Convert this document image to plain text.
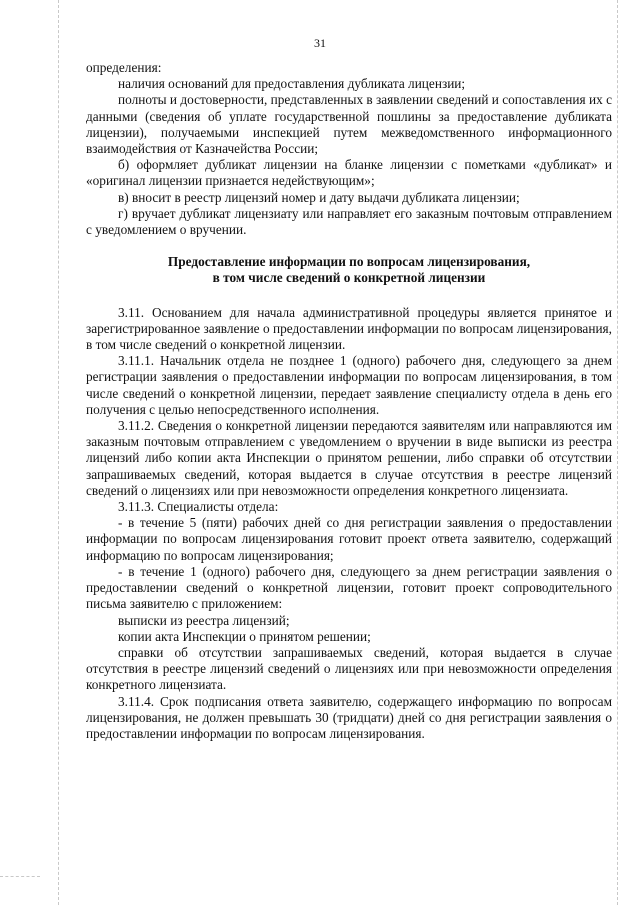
31

определения:

наличия оснований для предоставления дубликата лицензии;

полноты и достоверности, представленных в заявлении сведений и сопоставления их с данными (сведения об уплате государственной пошлины за предоставление дубликата лицензии), получаемыми инспекцией путем межведомственного информационного взаимодействия от Казначейства России;

б) оформляет дубликат лицензии на бланке лицензии с пометками «дубликат» и «оригинал лицензии признается недействующим»;

в) вносит в реестр лицензий номер и дату выдачи дубликата лицензии;

г) вручает дубликат лицензиату или направляет его заказным почтовым отправлением с уведомлением о вручении.

Предоставление информации по вопросам лицензирования,
в том числе сведений о конкретной лицензии

3.11. Основанием для начала административной процедуры является принятое и зарегистрированное заявление о предоставлении информации по вопросам лицензирования, в том числе сведений о конкретной лицензии.

3.11.1. Начальник отдела не позднее 1 (одного) рабочего дня, следующего за днем регистрации заявления о предоставлении информации по вопросам лицензирования, в том числе сведений о конкретной лицензии, передает заявление специалисту отдела в день его получения с целью непосредственного исполнения.

3.11.2. Сведения о конкретной лицензии передаются заявителям или направляются им заказным почтовым отправлением с уведомлением о вручении в виде выписки из реестра лицензий либо копии акта Инспекции о принятом решении, либо справки об отсутствии запрашиваемых сведений, которая выдается в случае отсутствия в реестре лицензий сведений о лицензиях или при невозможности определения конкретного лицензиата.

3.11.3. Специалисты отдела:

- в течение 5 (пяти) рабочих дней со дня регистрации заявления о предоставлении информации по вопросам лицензирования готовит проект ответа заявителю, содержащий информацию по вопросам лицензирования;

- в течение 1 (одного) рабочего дня, следующего за днем регистрации заявления о предоставлении сведений о конкретной лицензии, готовит проект сопроводительного письма заявителю с приложением:

выписки из реестра лицензий;

копии акта Инспекции о принятом решении;

справки об отсутствии запрашиваемых сведений, которая выдается в случае отсутствия в реестре лицензий сведений о лицензиях или при невозможности определения конкретного лицензиата.

3.11.4. Срок подписания ответа заявителю, содержащего информацию по вопросам лицензирования, не должен превышать 30 (тридцати) дней со дня регистрации заявления о предоставлении информации по вопросам лицензирования.
